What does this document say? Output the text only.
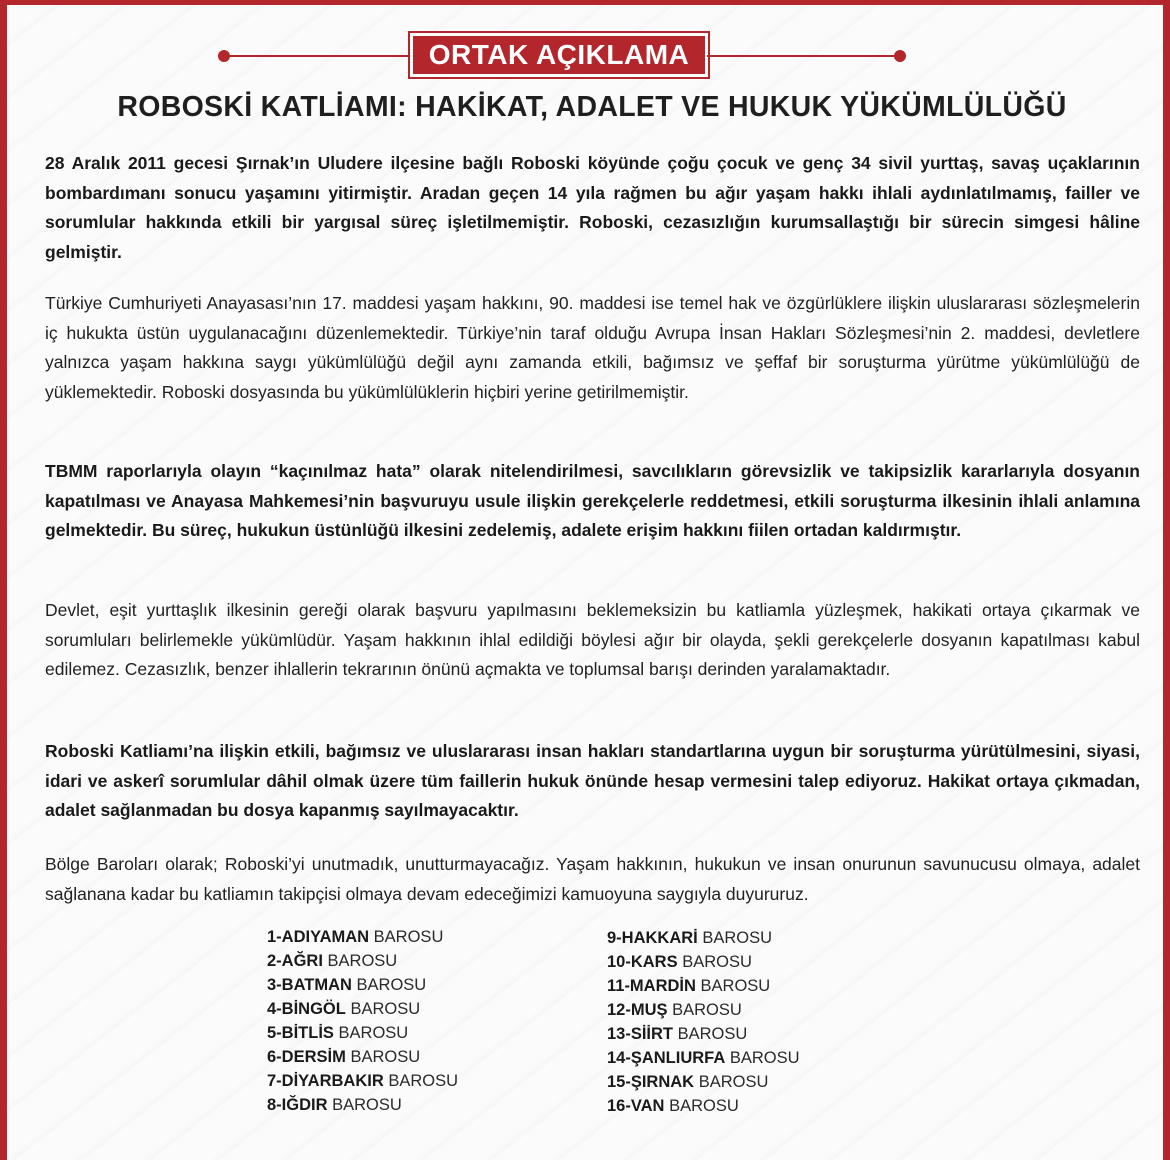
ORTAK AÇIKLAMA
ROBOSKİ KATLİAMI: HAKİKAT, ADALET VE HUKUK YÜKÜMLÜLÜĞÜ

28 Aralık 2011 gecesi Şırnak’ın Uludere ilçesine bağlı Roboski köyünde çoğu çocuk ve genç 34 sivil yurttaş, savaş uçaklarının bombardımanı sonucu yaşamını yitirmiştir. Aradan geçen 14 yıla rağmen bu ağır yaşam hakkı ihlali aydınlatılmamış, failler ve sorumlular hakkında etkili bir yargısal süreç işletilmemiştir. Roboski, cezasızlığın kurumsallaştığı bir sürecin simgesi hâline gelmiştir.

Türkiye Cumhuriyeti Anayasası’nın 17. maddesi yaşam hakkını, 90. maddesi ise temel hak ve özgürlüklere ilişkin uluslararası sözleşmelerin iç hukukta üstün uygulanacağını düzenlemektedir. Türkiye’nin taraf olduğu Avrupa İnsan Hakları Sözleşmesi’nin 2. maddesi, devletlere yalnızca yaşam hakkına saygı yükümlülüğü değil aynı zamanda etkili, bağımsız ve şeffaf bir soruşturma yürütme yükümlülüğü de yüklemektedir. Roboski dosyasında bu yükümlülüklerin hiçbiri yerine getirilmemiştir.

TBMM raporlarıyla olayın “kaçınılmaz hata” olarak nitelendirilmesi, savcılıkların görevsizlik ve takipsizlik kararlarıyla dosyanın kapatılması ve Anayasa Mahkemesi’nin başvuruyu usule ilişkin gerekçelerle reddetmesi, etkili soruşturma ilkesinin ihlali anlamına gelmektedir. Bu süreç, hukukun üstünlüğü ilkesini zedelemiş, adalete erişim hakkını fiilen ortadan kaldırmıştır.

Devlet, eşit yurttaşlık ilkesinin gereği olarak başvuru yapılmasını beklemeksizin bu katliamla yüzleşmek, hakikati ortaya çıkarmak ve sorumluları belirlemekle yükümlüdür. Yaşam hakkının ihlal edildiği böylesi ağır bir olayda, şekli gerekçelerle dosyanın kapatılması kabul edilemez. Cezasızlık, benzer ihlallerin tekrarının önünü açmakta ve toplumsal barışı derinden yaralamaktadır.

Roboski Katliamı’na ilişkin etkili, bağımsız ve uluslararası insan hakları standartlarına uygun bir soruşturma yürütülmesini, siyasi, idari ve askerî sorumlular dâhil olmak üzere tüm faillerin hukuk önünde hesap vermesini talep ediyoruz. Hakikat ortaya çıkmadan, adalet sağlanmadan bu dosya kapanmış sayılmayacaktır.

Bölge Baroları olarak; Roboski’yi unutmadık, unutturmayacağız. Yaşam hakkının, hukukun ve insan onurunun savunucusu olmaya, adalet sağlanana kadar bu katliamın takipçisi olmaya devam edeceğimizi kamuoyuna saygıyla duyururuz.

1-ADIYAMAN BAROSU
2-AĞRI BAROSU
3-BATMAN BAROSU
4-BİNGÖL BAROSU
5-BİTLİS BAROSU
6-DERSİM BAROSU
7-DİYARBAKIR BAROSU
8-IĞDIR BAROSU
9-HAKKARİ BAROSU
10-KARS BAROSU
11-MARDİN BAROSU
12-MUŞ BAROSU
13-SİİRT BAROSU
14-ŞANLIURFA BAROSU
15-ŞIRNAK BAROSU
16-VAN BAROSU
